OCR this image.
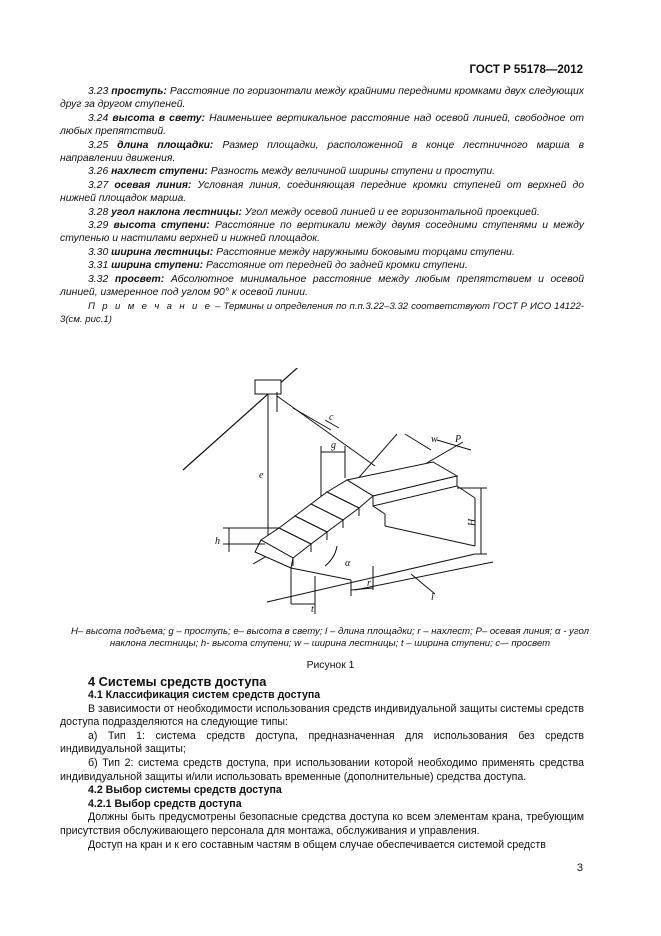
ГОСТ Р 55178—2012

3.23 проступь: Расстояние по горизонтали между крайними передними кромками двух следующих друг за другом ступеней.

3.24 высота в свету: Наименьшее вертикальное расстояние над осевой линией, свободное от любых препятствий.

3.25 длина площадки: Размер площадки, расположенной в конце лестничного марша в направлении движения.

3.26 нахлест ступени: Разность между величиной ширины ступени и проступи.

3.27 осевая линия: Условная линия, соединяющая передние кромки ступеней от верхней до нижней площадок марша.

3.28 угол наклона лестницы: Угол между осевой линией и ее горизонтальной проекцией.

3.29 высота ступени: Расстояние по вертикали между двумя соседними ступенями и между ступенью и настилами верхней и нижней площадок.

3.30 ширина лестницы: Расстояние между наружными боковыми торцами ступени.

3.31 ширина ступени: Расстояние от передней до задней кромки ступени.

3.32 просвет: Абсолютное минимальное расстояние между любым препятствием и осевой линией, измеренное под углом 90° к осевой линии.

П р и м е ч а н и е – Термины и определения по п.п.3.22–3.32 соответствуют ГОСТ Р ИСО 14122-3(см. рис.1)

c
w P
g
e
h
α
t
r
l
H
H– высота подъема; g – проступь; e– высота в свету; l – длина площадки; r – нахлест; P– осевая линия; α - угол наклона лестницы; h- высота ступени; w – ширина лестницы; t – ширина ступени; c–- просвет
Рисунок 1

4 Системы средств доступа

4.1 Классификация систем средств доступа

В зависимости от необходимости использования средств индивидуальной защиты системы средств доступа подразделяются на следующие типы:

а) Тип 1: система средств доступа, предназначенная для использования без средств индивидуальной защиты;

б) Тип 2: система средств доступа, при использовании которой необходимо применять средства индивидуальной защиты и/или использовать временные (дополнительные) средства доступа.

4.2 Выбор системы средств доступа

4.2.1 Выбор средств доступа

Должны быть предусмотрены безопасные средства доступа ко всем элементам крана, требующим присутствия обслуживающего персонала для монтажа, обслуживания и управления.

Доступ на кран и к его составным частям в общем случае обеспечивается системой средств

3
